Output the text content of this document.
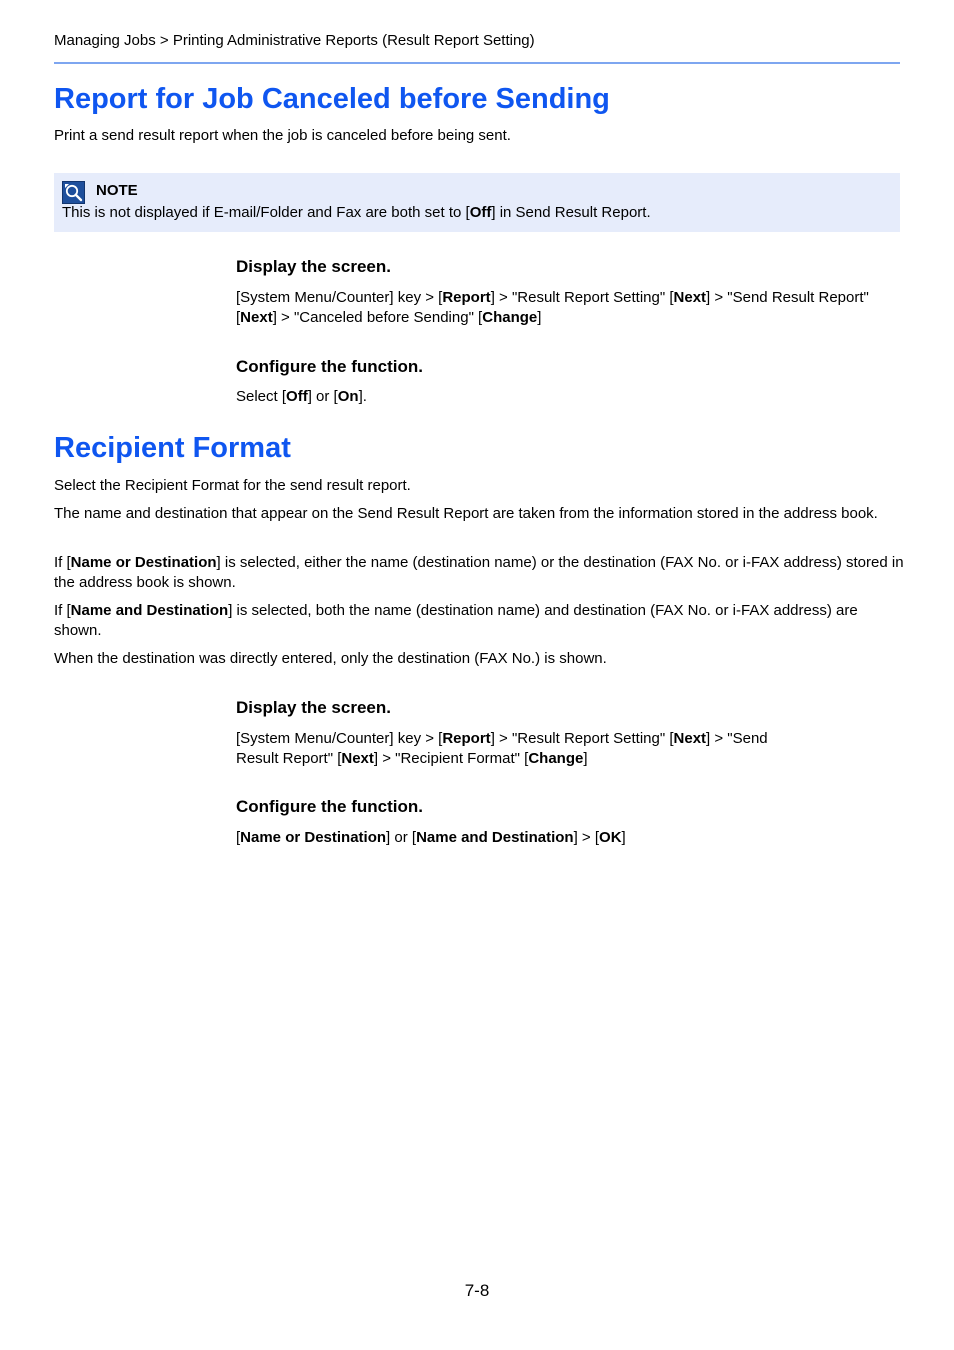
Managing Jobs > Printing Administrative Reports (Result Report Setting)
Report for Job Canceled before Sending

Print a send result report when the job is canceled before being sent.

NOTE
This is not displayed if E-mail/Folder and Fax are both set to [Off] in Send Result Report.
Display the screen.
[System Menu/Counter] key > [Report] > "Result Report Setting" [Next] > "Send Result Report" [Next] > "Canceled before Sending" [Change]
Configure the function.
Select [Off] or [On].
Recipient Format

Select the Recipient Format for the send result report.

The name and destination that appear on the Send Result Report are taken from the information stored in the address book.

If [Name or Destination] is selected, either the name (destination name) or the destination (FAX No. or i-FAX address) stored in the address book is shown.

If [Name and Destination] is selected, both the name (destination name) and destination (FAX No. or i-FAX address) are shown.

When the destination was directly entered, only the destination (FAX No.) is shown.

Display the screen.
[System Menu/Counter] key > [Report] > "Result Report Setting" [Next] > "Send Result Report" [Next] > "Recipient Format" [Change]
Configure the function.
[Name or Destination] or [Name and Destination] > [OK]
7-8
